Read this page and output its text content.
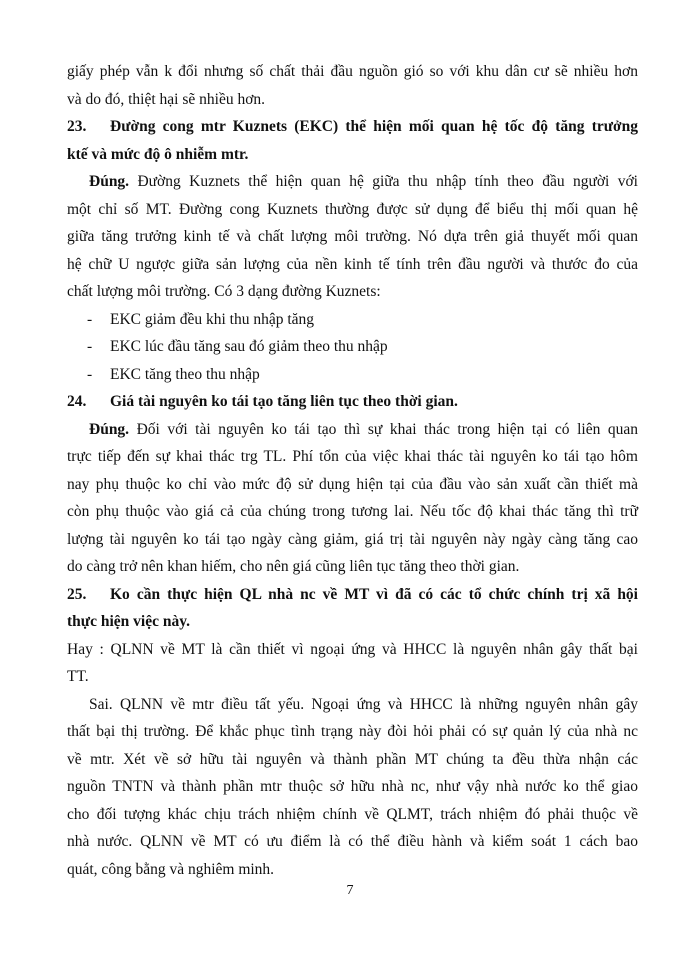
giấy phép vẫn k đổi nhưng số chất thải đầu nguồn gió so với khu dân cư sẽ nhiều hơn
và do đó, thiệt hại sẽ nhiều hơn.
23. Đường cong mtr Kuznets (EKC) thể hiện mối quan hệ tốc độ tăng trưởng
ktế và mức độ ô nhiễm mtr.
Đúng. Đường Kuznets thể hiện quan hệ giữa thu nhập tính theo đầu người với
một chỉ số MT. Đường cong Kuznets thường được sử dụng để biểu thị mối quan hệ
giữa tăng trưởng kinh tế và chất lượng môi trường. Nó dựa trên giả thuyết mối quan
hệ chữ U ngược giữa sản lượng của nền kinh tế tính trên đầu người và thước đo của
chất lượng môi trường. Có 3 dạng đường Kuznets:
- EKC giảm đều khi thu nhập tăng
- EKC lúc đầu tăng sau đó giảm theo thu nhập
- EKC tăng theo thu nhập
24. Giá tài nguyên ko tái tạo tăng liên tục theo thời gian.
Đúng. Đối với tài nguyên ko tái tạo thì sự khai thác trong hiện tại có liên quan
trực tiếp đến sự khai thác trg TL. Phí tổn của việc khai thác tài nguyên ko tái tạo hôm
nay phụ thuộc ko chỉ vào mức độ sử dụng hiện tại của đầu vào sản xuất cần thiết mà
còn phụ thuộc vào giá cả của chúng trong tương lai. Nếu tốc độ khai thác tăng thì trữ
lượng tài nguyên ko tái tạo ngày càng giảm, giá trị tài nguyên này ngày càng tăng cao
do càng trở nên khan hiếm, cho nên giá cũng liên tục tăng theo thời gian.
25. Ko cần thực hiện QL nhà nc về MT vì đã có các tổ chức chính trị xã hội
thực hiện việc này.
Hay : QLNN về MT là cần thiết vì ngoại ứng và HHCC là nguyên nhân gây thất bại
TT.
Sai. QLNN về mtr điều tất yếu. Ngoại ứng và HHCC là những nguyên nhân gây
thất bại thị trường. Để khắc phục tình trạng này đòi hỏi phải có sự quản lý của nhà nc
về mtr. Xét về sở hữu tài nguyên và thành phần MT chúng ta đều thừa nhận các
nguồn TNTN và thành phần mtr thuộc sở hữu nhà nc, như vậy nhà nước ko thể giao
cho đối tượng khác chịu trách nhiệm chính về QLMT, trách nhiệm đó phải thuộc về
nhà nước. QLNN về MT có ưu điểm là có thể điều hành và kiểm soát 1 cách bao
quát, công bằng và nghiêm minh.
7
